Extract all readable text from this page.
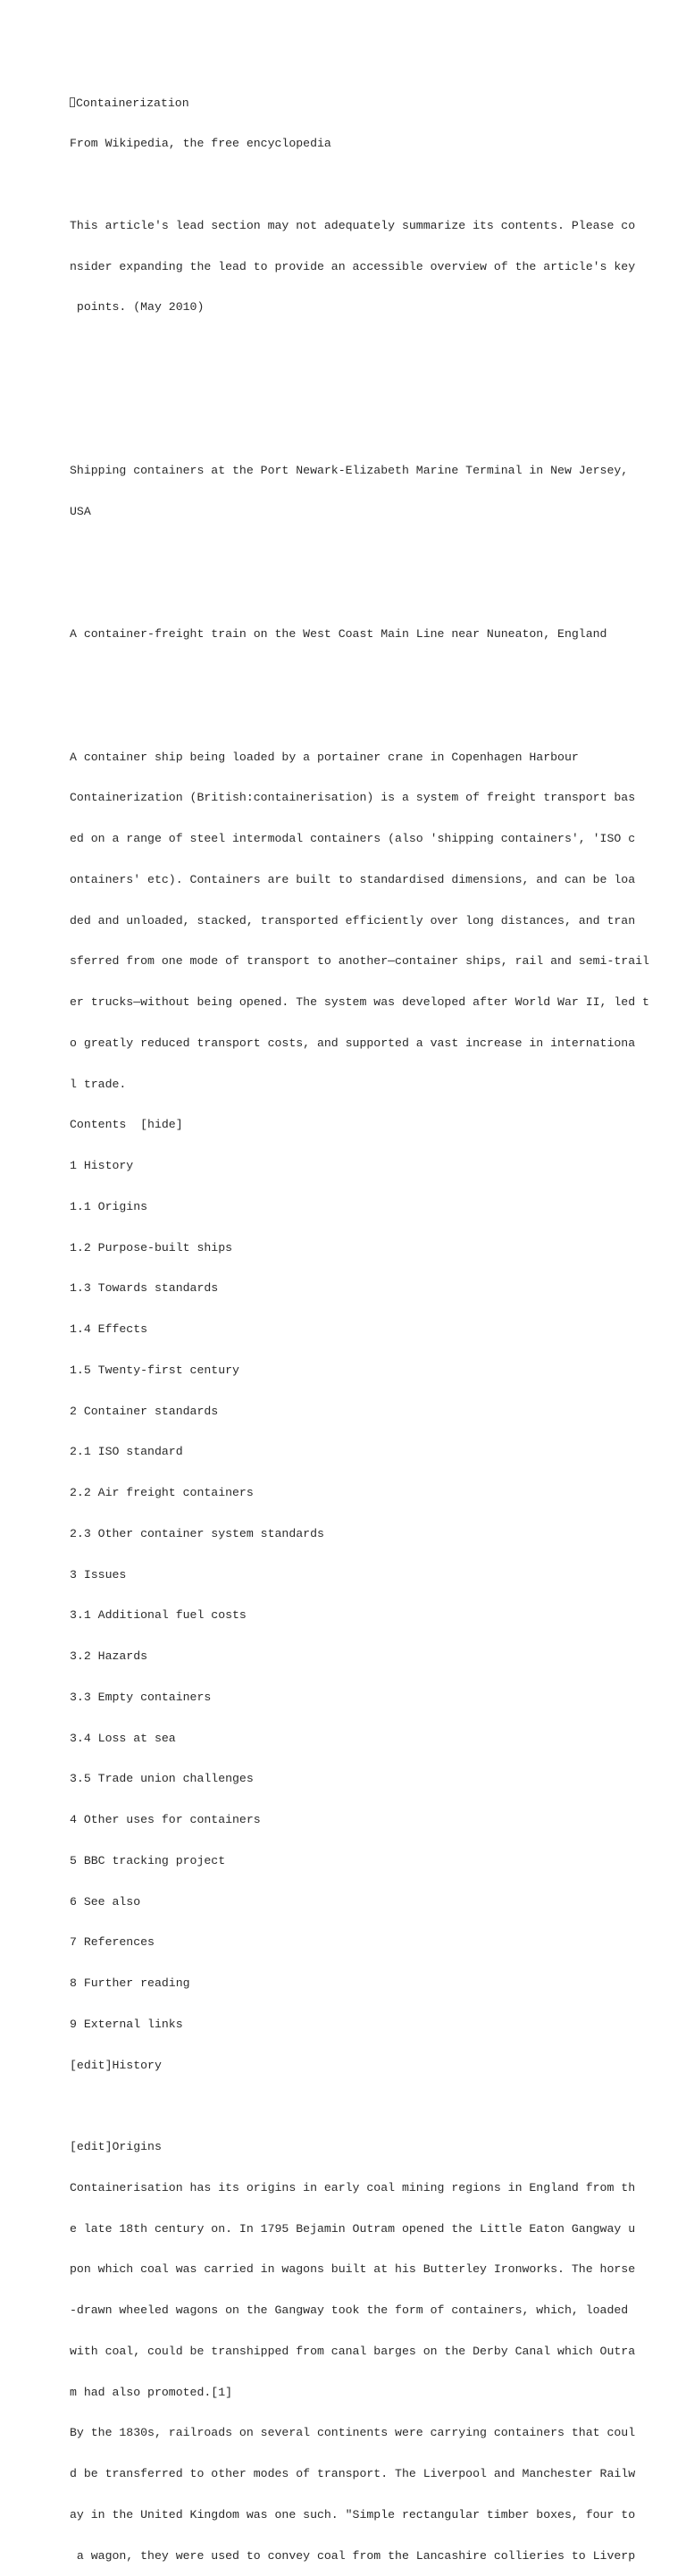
Containerization

From Wikipedia, the free encyclopedia

This article's lead section may not adequately summarize its contents. Please co

nsider expanding the lead to provide an accessible overview of the article's key

points. (May 2010)

Shipping containers at the Port Newark-Elizabeth Marine Terminal in New Jersey,

USA

A container-freight train on the West Coast Main Line near Nuneaton, England

A container ship being loaded by a portainer crane in Copenhagen Harbour

Containerization (British:containerisation) is a system of freight transport bas

ed on a range of steel intermodal containers (also 'shipping containers', 'ISO c

ontainers' etc). Containers are built to standardised dimensions, and can be loa

ded and unloaded, stacked, transported efficiently over long distances, and tran

sferred from one mode of transport to another—container ships, rail and semi-trail

er trucks—without being opened. The system was developed after World War II, led t

o greatly reduced transport costs, and supported a vast increase in internationa

l trade.

Contents [hide]

1 History

1.1 Origins

1.2 Purpose-built ships

1.3 Towards standards

1.4 Effects

1.5 Twenty-first century

2 Container standards

2.1 ISO standard

2.2 Air freight containers

2.3 Other container system standards

3 Issues

3.1 Additional fuel costs

3.2 Hazards

3.3 Empty containers

3.4 Loss at sea

3.5 Trade union challenges

4 Other uses for containers

5 BBC tracking project

6 See also

7 References

8 Further reading

9 External links

[edit]History

[edit]Origins

Containerisation has its origins in early coal mining regions in England from th

e late 18th century on. In 1795 Bejamin Outram opened the Little Eaton Gangway u

pon which coal was carried in wagons built at his Butterley Ironworks. The horse

-drawn wheeled wagons on the Gangway took the form of containers, which, loaded

with coal, could be transhipped from canal barges on the Derby Canal which Outra

m had also promoted.[1]

By the 1830s, railroads on several continents were carrying containers that coul

d be transferred to other modes of transport. The Liverpool and Manchester Railw

ay in the United Kingdom was one such. "Simple rectangular timber boxes, four to

a wagon, they were used to convey coal from the Lancashire collieries to Liverp
